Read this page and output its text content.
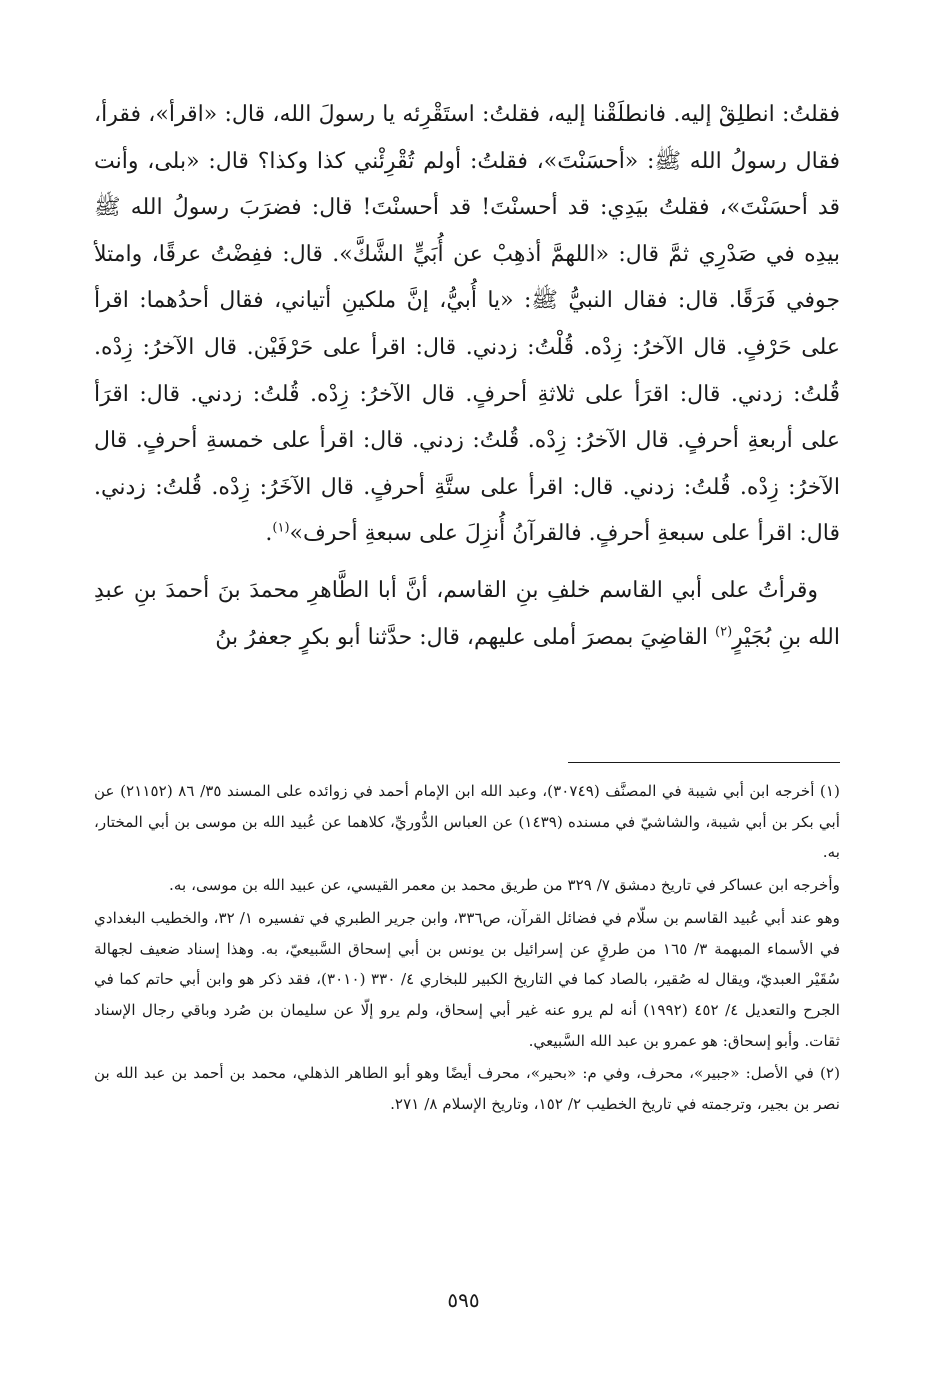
فقلتُ: انطلِقْ إليه. فانطلَقْنا إليه، فقلتُ: استَقْرِئه يا رسولَ الله، قال: «اقرأ»، فقرأ، فقال رسولُ الله ﷺ: «أحسَنْتَ»، فقلتُ: أولم تُقْرِئْني كذا وكذا؟ قال: «بلى، وأنت قد أحسَنْتَ»، فقلتُ بيَدِي: قد أحسنْتَ! قد أحسنْتَ! قال: فضرَبَ رسولُ الله ﷺ بيدِه في صَدْرِي ثمَّ قال: «اللهمَّ أذهِبْ عن أُبَيٍّ الشَّكَّ». قال: ففِضْتُ عرقًا، وامتلأ جوفي فَرَقًا. قال: فقال النبيُّ ﷺ: «يا أُبيُّ، إنَّ ملكينِ أتياني، فقال أحدُهما: اقرأ على حَرْفٍ. قال الآخرُ: زِدْه. قُلْتُ: زدني. قال: اقرأ على حَرْفَيْن. قال الآخرُ: زِدْه. قُلتُ: زدني. قال: اقرَأ على ثلاثةِ أحرفٍ. قال الآخرُ: زِدْه. قُلتُ: زدني. قال: اقرَأ على أربعةِ أحرفٍ. قال الآخرُ: زِدْه. قُلتُ: زدني. قال: اقرأ على خمسةِ أحرفٍ. قال الآخرُ: زِدْه. قُلتُ: زدني. قال: اقرأ على ستَّةِ أحرفٍ. قال الآخَرُ: زِدْه. قُلتُ: زدني. قال: اقرأ على سبعةِ أحرفٍ. فالقرآنُ أُنزِلَ على سبعةِ أحرف»$^{(١)}$.

وقرأتُ على أبي القاسم خلفِ بنِ القاسم، أنَّ أبا الطَّاهرِ محمدَ بنَ أحمدَ بنِ عبدِ الله بنِ بُجَيْرٍ$^{(٢)}$ القاضِيَ بمصرَ أملى عليهم، قال: حدَّثنا أبو بكرٍ جعفرُ بنُ

(١) أخرجه ابن أبي شيبة في المصنَّف (٣٠٧٤٩)، وعبد الله ابن الإمام أحمد في زوائده على المسند ٣٥/ ٨٦ (٢١١٥٢) عن أبي بكر بن أبي شيبة، والشاشيّ في مسنده (١٤٣٩) عن العباس الدُّوريِّ، كلاهما عن عُبيد الله بن موسى بن أبي المختار، به.

وأخرجه ابن عساكر في تاريخ دمشق ٧/ ٣٢٩ من طريق محمد بن معمر القيسي، عن عبيد الله بن موسى، به.

وهو عند أبي عُبيد القاسم بن سلّام في فضائل القرآن، ص٣٣٦، وابن جرير الطبري في تفسيره ١/ ٣٢، والخطيب البغدادي في الأسماء المبهمة ٣/ ١٦٥ من طرقٍ عن إسرائيل بن يونس بن أبي إسحاق السَّبيعيّ، به. وهذا إسناد ضعيف لجهالة سُقَيْر العبديّ، ويقال له صُقير، بالصاد كما في التاريخ الكبير للبخاري ٤/ ٣٣٠ (٣٠١٠)، فقد ذكر هو وابن أبي حاتم كما في الجرح والتعديل ٤/ ٤٥٢ (١٩٩٢) أنه لم يرو عنه غير أبي إسحاق، ولم يرو إلّا عن سليمان بن صُرد وباقي رجال الإسناد ثقات. وأبو إسحاق: هو عمرو بن عبد الله السَّبيعي.

(٢) في الأصل: «جبير»، محرف، وفي م: «بحير»، محرف أيضًا وهو أبو الطاهر الذهلي، محمد بن أحمد بن عبد الله بن نصر بن بجير، وترجمته في تاريخ الخطيب ٢/ ١٥٢، وتاريخ الإسلام ٨/ ٢٧١.

٥٩٥
